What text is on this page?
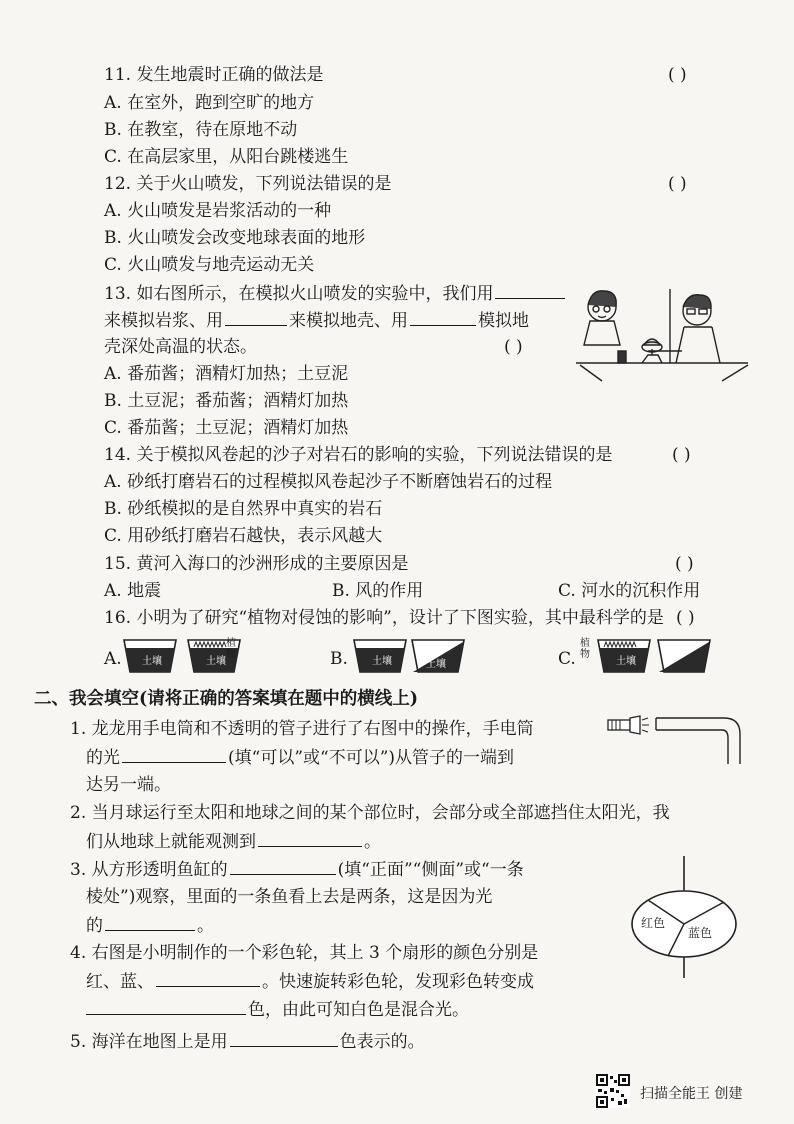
11. 发生地震时正确的做法是	( )
A. 在室外，跑到空旷的地方
B. 在教室，待在原地不动
C. 在高层家里，从阳台跳楼逃生
12. 关于火山喷发，下列说法错误的是	( )
A. 火山喷发是岩浆活动的一种
B. 火山喷发会改变地球表面的地形
C. 火山喷发与地壳运动无关
13. 如右图所示，在模拟火山喷发的实验中，我们用
来模拟岩浆、用	来模拟地壳、用	模拟地
壳深处高温的状态。	( )
A. 番茄酱；酒精灯加热；土豆泥
B. 土豆泥；番茄酱；酒精灯加热
C. 番茄酱；土豆泥；酒精灯加热
14. 关于模拟风卷起的沙子对岩石的影响的实验，下列说法错误的是	( )
A. 砂纸打磨岩石的过程模拟风卷起沙子不断磨蚀岩石的过程
B. 砂纸模拟的是自然界中真实的岩石
C. 用砂纸打磨岩石越快，表示风越大
15. 黄河入海口的沙洲形成的主要原因是	( )
A. 地震	B. 风的作用	C. 河水的沉积作用
16. 小明为了研究“植物对侵蚀的影响”，设计了下图实验，其中最科学的是 ( )
A. 土壤	土壤
植物	B. 土壤	土壤	C.
植物
土壤
二、我会填空(请将正确的答案填在题中的横线上)
1. 龙龙用手电筒和不透明的管子进行了右图中的操作，手电筒
的光	(填“可以”或“不可以”)从管子的一端到
达另一端。
2. 当月球运行至太阳和地球之间的某个部位时，会部分或全部遮挡住太阳光，我
们从地球上就能观测到	。
3. 从方形透明鱼缸的	(填“正面”“侧面”或“一条
棱处”)观察，里面的一条鱼看上去是两条，这是因为光
的	。	红色
蓝色
4. 右图是小明制作的一个彩色轮，其上 3 个扇形的颜色分别是
红、蓝、	。快速旋转彩色轮，发现彩色转变成
色，由此可知白色是混合光。
5. 海洋在地图上是用	色表示的。
扫描全能王 创建
